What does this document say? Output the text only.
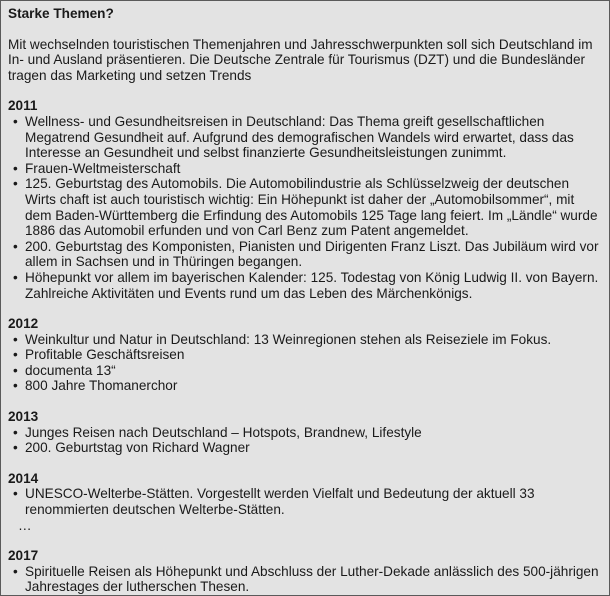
Starke Themen?

Mit wechselnden touristischen Themenjahren und Jahresschwerpunkten soll sich Deutschland im In- und Ausland präsentieren. Die Deutsche Zentrale für Tourismus (DZT) und die Bundesländer tragen das Marketing und setzen Trends

2011

• Wellness- und Gesundheitsreisen in Deutschland: Das Thema greift gesellschaftlichen Megatrend Gesundheit auf. Aufgrund des demografischen Wandels wird erwartet, dass das Interesse an Gesundheit und selbst finanzierte Gesundheitsleistungen zunimmt.
• Frauen-Weltmeisterschaft
• 125. Geburtstag des Automobils. Die Automobilindustrie als Schlüsselzweig der deutschen Wirts chaft ist auch touristisch wichtig: Ein Höhepunkt ist daher der „Automobilsommer“, mit dem Baden-Württemberg die Erfindung des Automobils 125 Tage lang feiert. Im „Ländle“ wurde 1886 das Automobil erfunden und von Carl Benz zum Patent angemeldet.
• 200. Geburtstag des Komponisten, Pianisten und Dirigenten Franz Liszt. Das Jubiläum wird vor allem in Sachsen und in Thüringen begangen.
• Höhepunkt vor allem im bayerischen Kalender: 125. Todestag von König Ludwig II. von Bayern. Zahlreiche Aktivitäten und Events rund um das Leben des Märchenkönigs.

2012

• Weinkultur und Natur in Deutschland: 13 Weinregionen stehen als Reiseziele im Fokus.
• Profitable Geschäftsreisen
• documenta 13“
• 800 Jahre Thomanerchor

2013

• Junges Reisen nach Deutschland – Hotspots, Brandnew, Lifestyle
• 200. Geburtstag von Richard Wagner

2014

• UNESCO-Welterbe-Stätten. Vorgestellt werden Vielfalt und Bedeutung der aktuell 33 renommierten deutschen Welterbe-Stätten.
…

2017

• Spirituelle Reisen als Höhepunkt und Abschluss der Luther-Dekade anlässlich des 500-jährigen Jahrestages der lutherschen Thesen.
